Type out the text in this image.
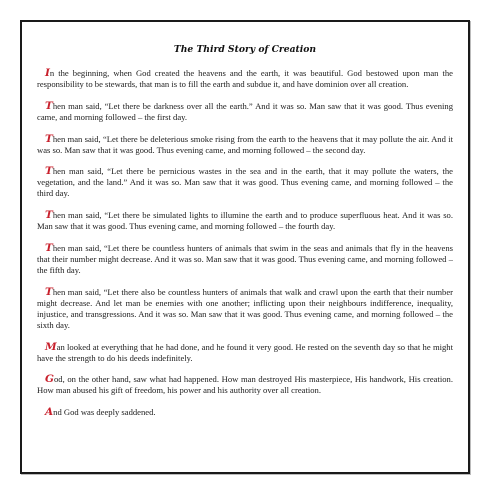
The Third Story of Creation

In the beginning, when God created the heavens and the earth, it was beautiful. God bestowed upon man the responsibility to be stewards, that man is to fill the earth and subdue it, and have dominion over all creation.

Then man said, “Let there be darkness over all the earth.” And it was so. Man saw that it was good. Thus evening came, and morning followed – the first day.

Then man said, “Let there be deleterious smoke rising from the earth to the heavens that it may pollute the air. And it was so. Man saw that it was good. Thus evening came, and morning followed – the second day.

Then man said, “Let there be pernicious wastes in the sea and in the earth, that it may pollute the waters, the vegetation, and the land.” And it was so. Man saw that it was good. Thus evening came, and morning followed – the third day.

Then man said, “Let there be simulated lights to illumine the earth and to produce superfluous heat. And it was so. Man saw that it was good. Thus evening came, and morning followed – the fourth day.

Then man said, “Let there be countless hunters of animals that swim in the seas and animals that fly in the heavens that their number might decrease. And it was so. Man saw that it was good. Thus evening came, and morning followed – the fifth day.

Then man said, “Let there also be countless hunters of animals that walk and crawl upon the earth that their number might decrease. And let man be enemies with one another; inflicting upon their neighbours indifference, inequality, injustice, and transgressions. And it was so. Man saw that it was good. Thus evening came, and morning followed – the sixth day.

Man looked at everything that he had done, and he found it very good. He rested on the seventh day so that he might have the strength to do his deeds indefinitely.

God, on the other hand, saw what had happened. How man destroyed His masterpiece, His handwork, His creation. How man abused his gift of freedom, his power and his authority over all creation.

And God was deeply saddened.
